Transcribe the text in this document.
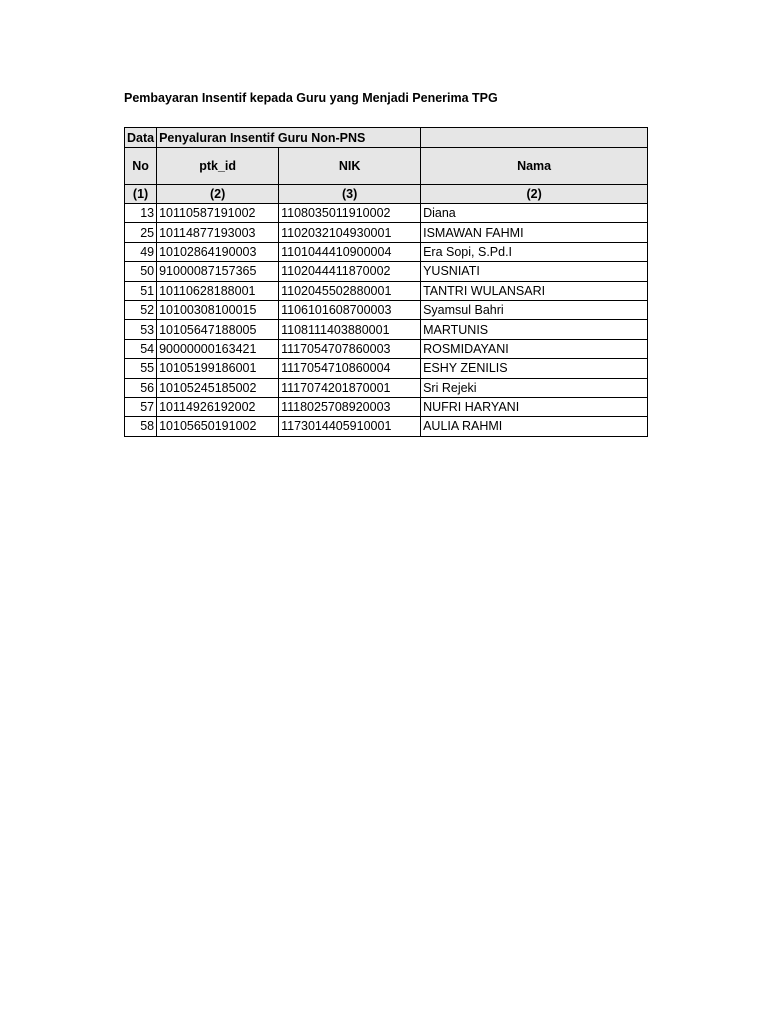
Pembayaran Insentif kepada Guru yang Menjadi Penerima TPG
Data	Penyaluran Insentif Guru Non-PNS		
No	ptk_id	NIK	Nama
(1)	(2)	(3)	(2)
13	10110587191002	1108035011910002	Diana
25	10114877193003	1102032104930001	ISMAWAN FAHMI
49	10102864190003	1101044410900004	Era Sopi, S.Pd.I
50	91000087157365	1102044411870002	YUSNIATI
51	10110628188001	1102045502880001	TANTRI WULANSARI
52	10100308100015	1106101608700003	Syamsul Bahri
53	10105647188005	1108111403880001	MARTUNIS
54	90000000163421	1117054707860003	ROSMIDAYANI
55	10105199186001	1117054710860004	ESHY ZENILIS
56	10105245185002	1117074201870001	Sri Rejeki
57	10114926192002	1118025708920003	NUFRI HARYANI
58	10105650191002	1173014405910001	AULIA RAHMI
